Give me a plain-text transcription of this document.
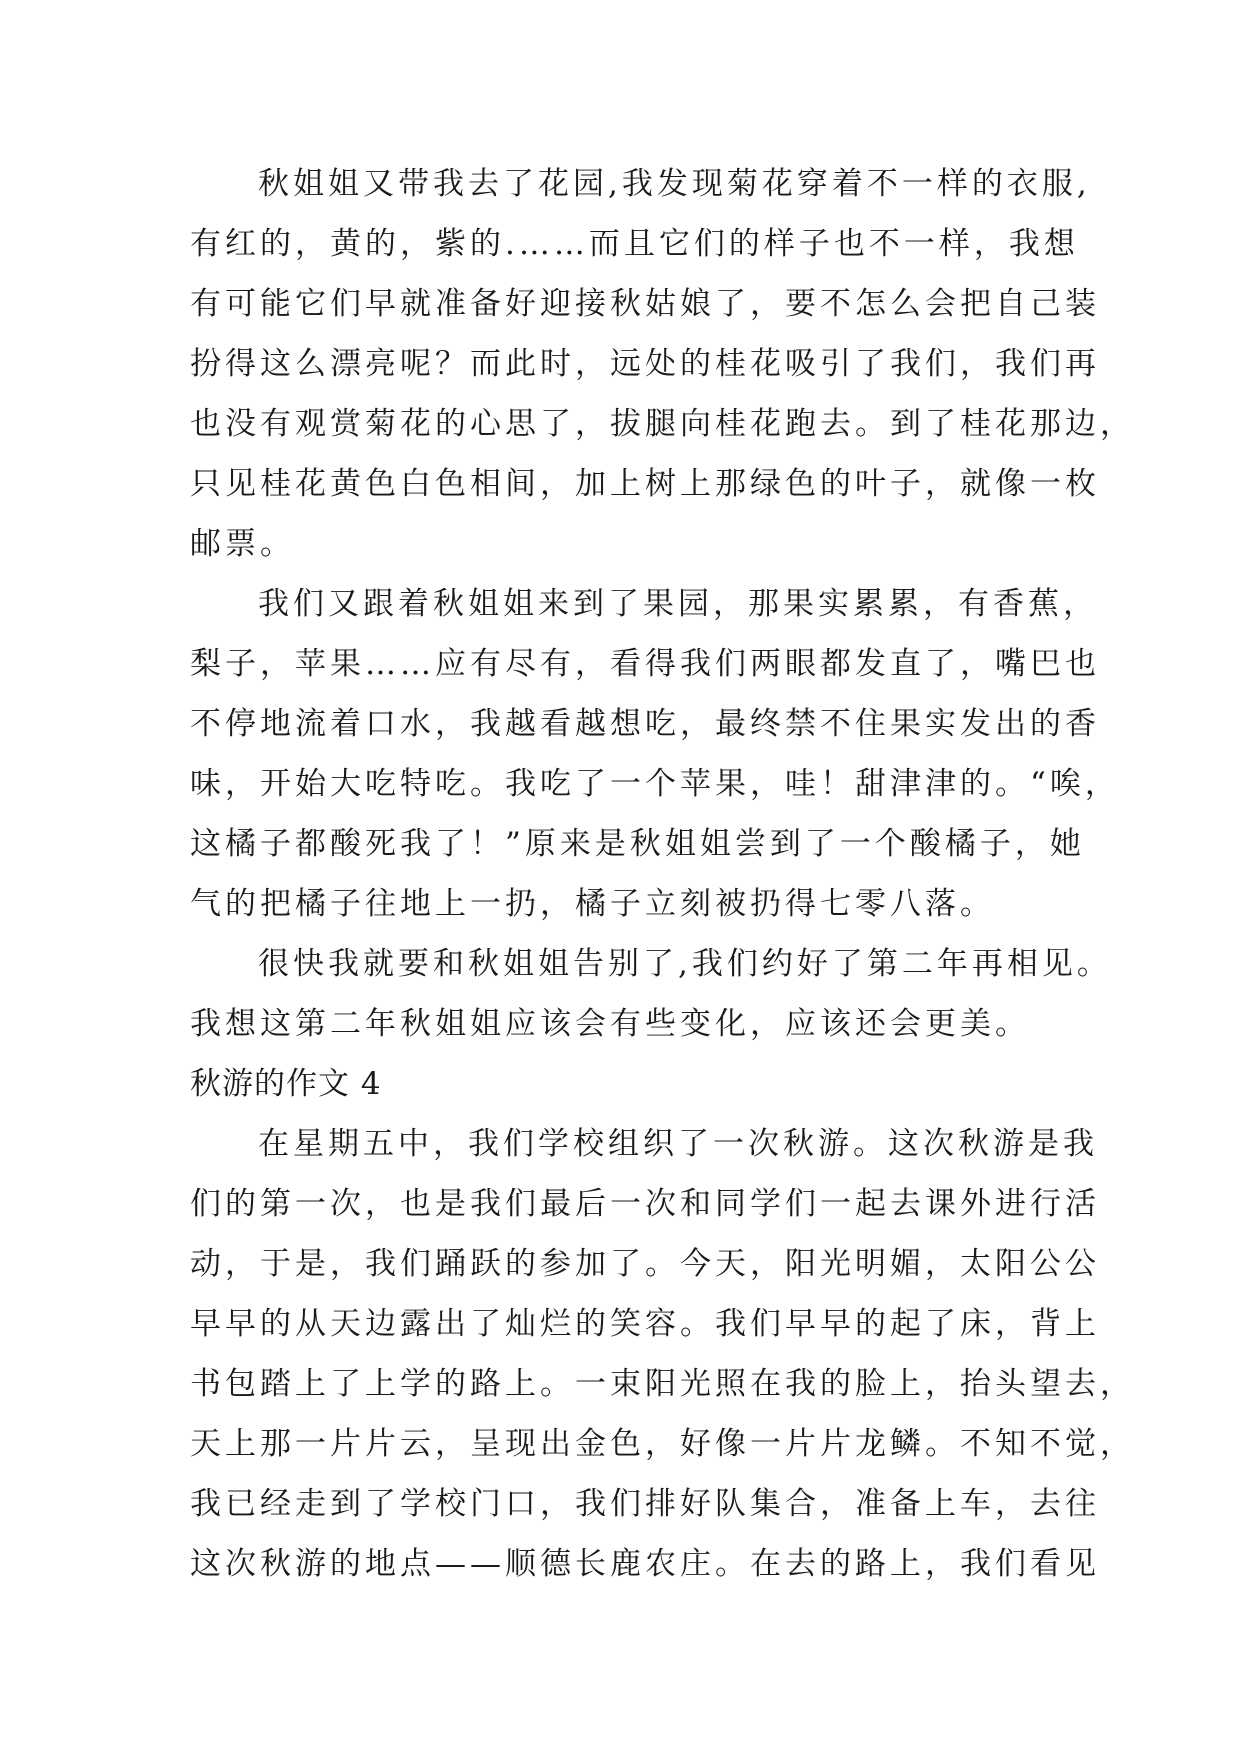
秋姐姐又带我去了花园,我发现菊花穿着不一样的衣服,

有红的，黄的，紫的.……而且它们的样子也不一样，我想

有可能它们早就准备好迎接秋姑娘了，要不怎么会把自己装

扮得这么漂亮呢？而此时，远处的桂花吸引了我们，我们再

也没有观赏菊花的心思了，拔腿向桂花跑去。到了桂花那边，

只见桂花黄色白色相间，加上树上那绿色的叶子，就像一枚

邮票。

我们又跟着秋姐姐来到了果园，那果实累累，有香蕉，

梨子，苹果……应有尽有，看得我们两眼都发直了，嘴巴也

不停地流着口水，我越看越想吃，最终禁不住果实发出的香

味，开始大吃特吃。我吃了一个苹果，哇！甜津津的。“唉，

这橘子都酸死我了！”原来是秋姐姐尝到了一个酸橘子，她

气的把橘子往地上一扔，橘子立刻被扔得七零八落。

很快我就要和秋姐姐告别了,我们约好了第二年再相见。

我想这第二年秋姐姐应该会有些变化，应该还会更美。

秋游的作文 4

在星期五中，我们学校组织了一次秋游。这次秋游是我

们的第一次，也是我们最后一次和同学们一起去课外进行活

动，于是，我们踊跃的参加了。今天，阳光明媚，太阳公公

早早的从天边露出了灿烂的笑容。我们早早的起了床，背上

书包踏上了上学的路上。一束阳光照在我的脸上，抬头望去，

天上那一片片云，呈现出金色，好像一片片龙鳞。不知不觉，

我已经走到了学校门口，我们排好队集合，准备上车，去往

这次秋游的地点——顺德长鹿农庄。在去的路上，我们看见
